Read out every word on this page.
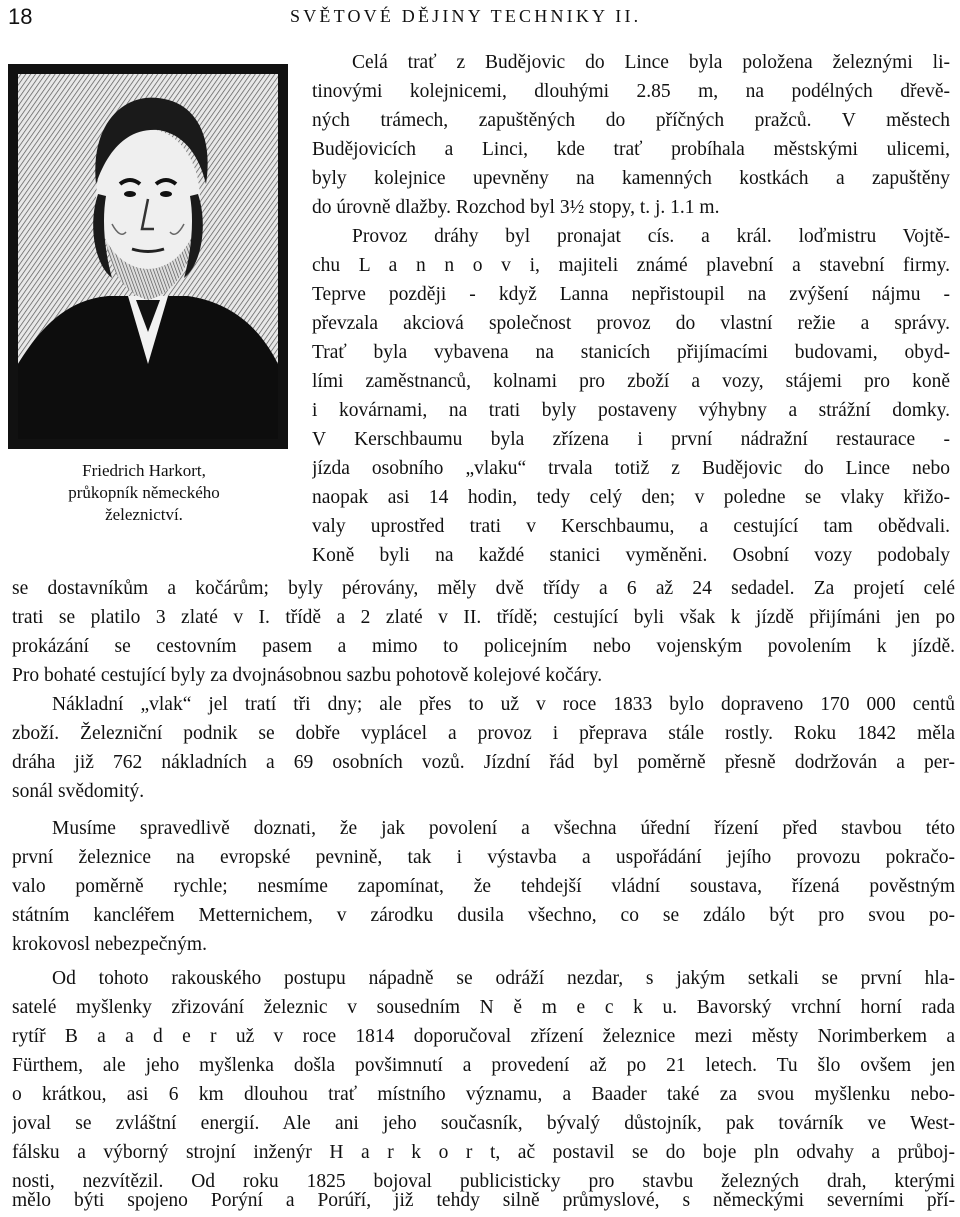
18	SVĚTOVÉ DĚJINY TECHNIKY II.
Friedrich Harkort,
průkopník německého
železnictví.
Celá trať z Budějovic do Lince byla položena železnými li-
tinovými kolejnicemi, dlouhými 2.85 m, na podélných dřevě-
ných trámech, zapuštěných do příčných pražců. V městech
Budějovicích a Linci, kde trať probíhala městskými ulicemi,
byly kolejnice upevněny na kamenných kostkách a zapuštěny
do úrovně dlažby. Rozchod byl 3½ stopy, t. j. 1.1 m.
Provoz dráhy byl pronajat cís. a král. loďmistru Vojtě-
chu L a n n o v i, majiteli známé plavební a stavební firmy.
Teprve později - když Lanna nepřistoupil na zvýšení nájmu -
převzala akciová společnost provoz do vlastní režie a správy.
Trať byla vybavena na stanicích přijímacími budovami, obyd-
lími zaměstnanců, kolnami pro zboží a vozy, stájemi pro koně
i kovárnami, na trati byly postaveny výhybny a strážní domky.
V Kerschbaumu byla zřízena i první nádražní restaurace -
jízda osobního „vlaku“ trvala totiž z Budějovic do Lince nebo
naopak asi 14 hodin, tedy celý den; v poledne se vlaky křižo-
valy uprostřed trati v Kerschbaumu, a cestující tam obědvali.
Koně byli na každé stanici vyměněni. Osobní vozy podobaly
se dostavníkům a kočárům; byly pérovány, měly dvě třídy a 6 až 24 sedadel. Za projetí celé
trati se platilo 3 zlaté v I. třídě a 2 zlaté v II. třídě; cestující byli však k jízdě přijímáni jen po
prokázání se cestovním pasem a mimo to policejním nebo vojenským povolením k jízdě.
Pro bohaté cestující byly za dvojnásobnou sazbu pohotově kolejové kočáry.
Nákladní „vlak“ jel tratí tři dny; ale přes to už v roce 1833 bylo dopraveno 170 000 centů
zboží. Železniční podnik se dobře vyplácel a provoz i přeprava stále rostly. Roku 1842 měla
dráha již 762 nákladních a 69 osobních vozů. Jízdní řád byl poměrně přesně dodržován a per-
sonál svědomitý.
Musíme spravedlivě doznati, že jak povolení a všechna úřední řízení před stavbou této
první železnice na evropské pevnině, tak i výstavba a uspořádání jejího provozu pokračo-
valo poměrně rychle; nesmíme zapomínat, že tehdejší vládní soustava, řízená pověstným
státním kancléřem Metternichem, v zárodku dusila všechno, co se zdálo být pro svou po-
krokovosl nebezpečným.
Od tohoto rakouského postupu nápadně se odráží nezdar, s jakým setkali se první hla-
satelé myšlenky zřizování železnic v sousedním N ě m e c k u. Bavorský vrchní horní rada
rytíř B a a d e r už v roce 1814 doporučoval zřízení železnice mezi městy Norimberkem a
Fürthem, ale jeho myšlenka došla povšimnutí a provedení až po 21 letech. Tu šlo ovšem jen
o krátkou, asi 6 km dlouhou trať místního významu, a Baader také za svou myšlenku nebo-
joval se zvláštní energií. Ale ani jeho současník, bývalý důstojník, pak továrník ve West-
fálsku a výborný strojní inženýr H a r k o r t, ač postavil se do boje pln odvahy a průboj-
nosti, nezvítězil. Od roku 1825 bojoval publicisticky pro stavbu železných drah, kterými
mělo býti spojeno Porýní a Porúří, již tehdy silně průmyslové, s německými severními pří-
